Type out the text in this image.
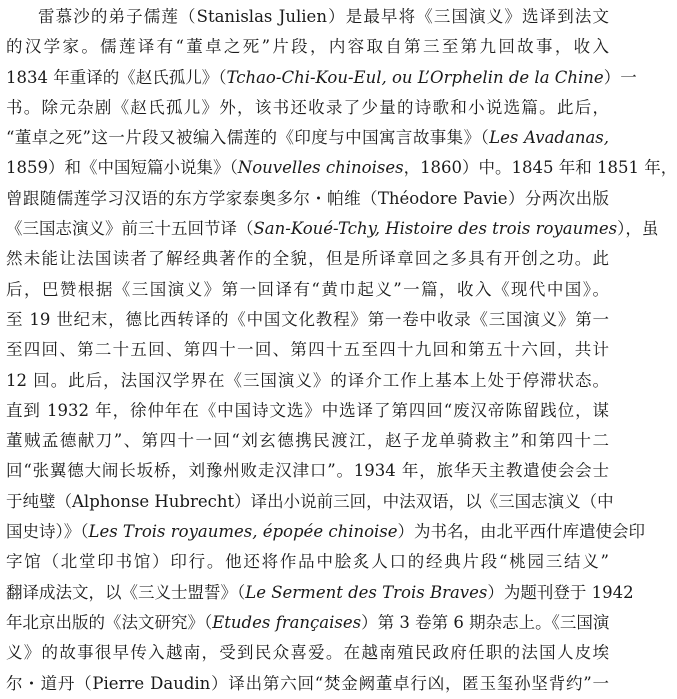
雷慕沙的弟子儒莲（Stanislas Julien）是最早将《三国演义》选译到法文
的汉学家。儒莲译有“董卓之死”片段，内容取自第三至第九回故事，收入
1834 年重译的《赵氏孤儿》（Tchao-Chi-Kou-Eul, ou L’Orphelin de la Chine）一
书。除元杂剧《赵氏孤儿》外，该书还收录了少量的诗歌和小说选篇。此后，
“董卓之死”这一片段又被编入儒莲的《印度与中国寓言故事集》（Les Avadanas,
1859）和《中国短篇小说集》（Nouvelles chinoises，1860）中。1845 年和 1851 年，
曾跟随儒莲学习汉语的东方学家泰奥多尔・帕维（Théodore Pavie）分两次出版
《三国志演义》前三十五回节译（San-Koué-Tchy, Histoire des trois royaumes），虽
然未能让法国读者了解经典著作的全貌，但是所译章回之多具有开创之功。此
后，巴赞根据《三国演义》第一回译有“黄巾起义”一篇，收入《现代中国》。
至 19 世纪末，德比西转译的《中国文化教程》第一卷中收录《三国演义》第一
至四回、第二十五回、第四十一回、第四十五至四十九回和第五十六回，共计
12 回。此后，法国汉学界在《三国演义》的译介工作上基本上处于停滞状态。
直到 1932 年，徐仲年在《中国诗文选》中选译了第四回“废汉帝陈留践位，谋
董贼孟德献刀”、第四十一回“刘玄德携民渡江，赵子龙单骑救主”和第四十二
回“张翼德大闹长坂桥，刘豫州败走汉津口”。1934 年，旅华天主教遣使会会士
于纯璧（Alphonse Hubrecht）译出小说前三回，中法双语，以《三国志演义（中
国史诗）》（Les Trois royaumes, épopée chinoise）为书名，由北平西什库遣使会印
字馆（北堂印书馆）印行。他还将作品中脍炙人口的经典片段“桃园三结义”
翻译成法文，以《三义士盟誓》（Le Serment des Trois Braves）为题刊登于 1942
年北京出版的《法文研究》（Etudes françaises）第 3 卷第 6 期杂志上。《三国演
义》的故事很早传入越南，受到民众喜爱。在越南殖民政府任职的法国人皮埃
尔・道丹（Pierre Daudin）译出第六回“焚金阙董卓行凶，匿玉玺孙坚背约”一
